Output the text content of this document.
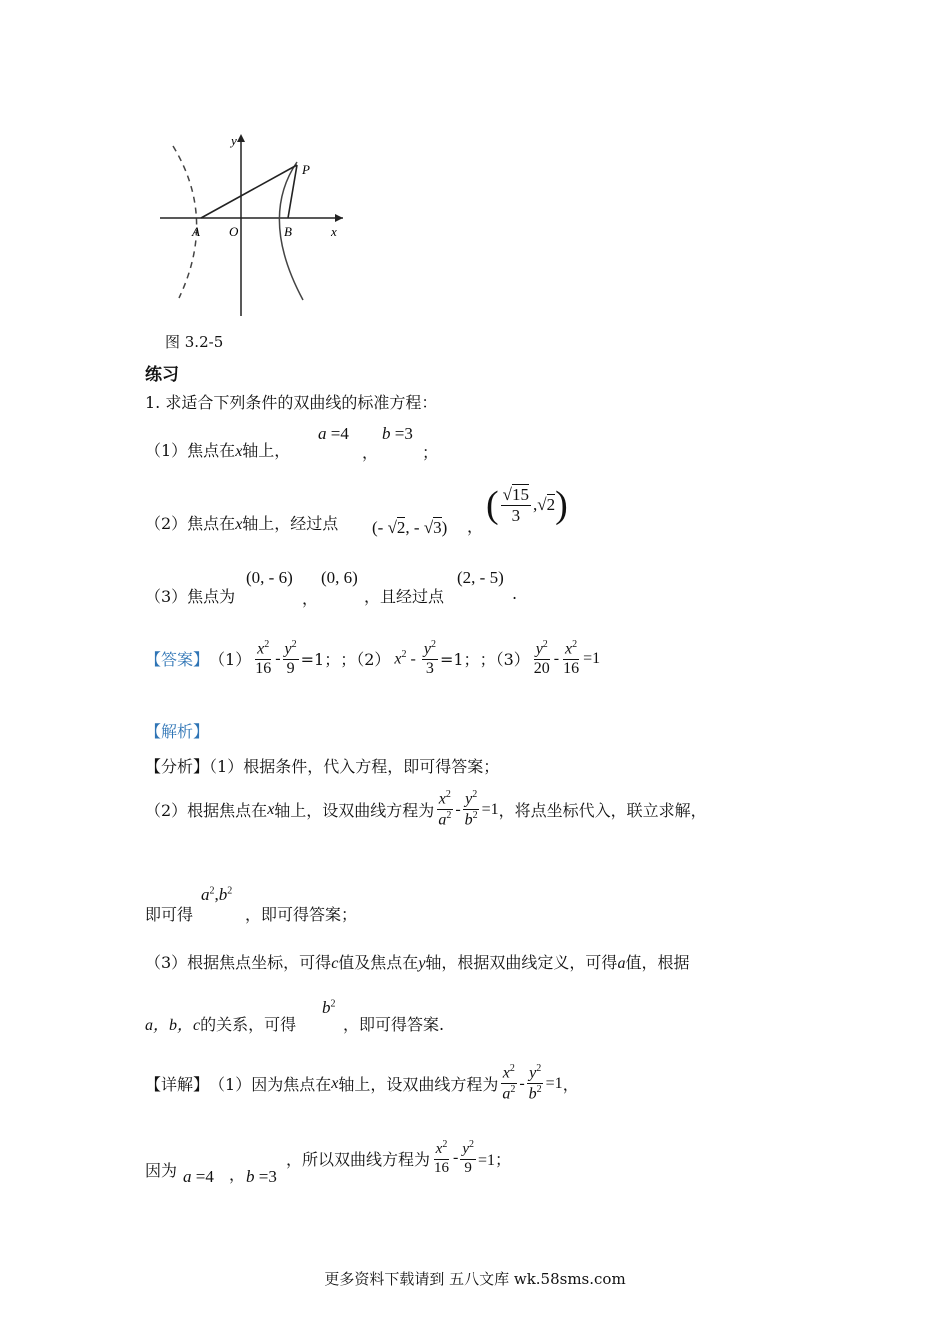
y
x
A O	B
P
图 3.2-5
练习
1. 求适合下列条件的双曲线的标准方程：
（1）焦点在x轴上，
a =4
，
b =3
；
（2）焦点在x轴上，经过点 (- √2, - √3) ，
( $\frac{√15}{3} ,√2$ )
（3）焦点为
(0, - 6)
，
(0, 6)
，且经过点
(2, - 5)
.
【答案】 $(1) \frac{x^2}{16} - \frac{y^2}{9} =1$； ；（2） $x^2 - \frac{y^2}{3} =1$； ；$(3) \frac{y^2}{20} - \frac{x^2}{16} =1$
【解析】
【分析】（1）根据条件，代入方程，即可得答案；
（2）根据焦点在 x 轴上，设双曲线方程为 $\frac{x^2}{a^2} - \frac{y^2}{b^2} =1$ ，将点坐标代入，联立求解，
即可得
$a^2,b^2$
，即可得答案；
（3）根据焦点坐标，可得c值及焦点在y轴，根据双曲线定义，可得a值，根据
a，b，c的关系，可得
$b^2$
，即可得答案.
【详解】 （1）因为焦点在 x 轴上，设双曲线方程为 $\frac{x^2}{a^2} - \frac{y^2}{b^2} =1$ ，
因为 a =4 ， b =3
，所以双曲线方程为 $\frac{x^2}{16} - \frac{y^2}{9} =1$；
更多资料下载请到 五八文库 wk.58sms.com
